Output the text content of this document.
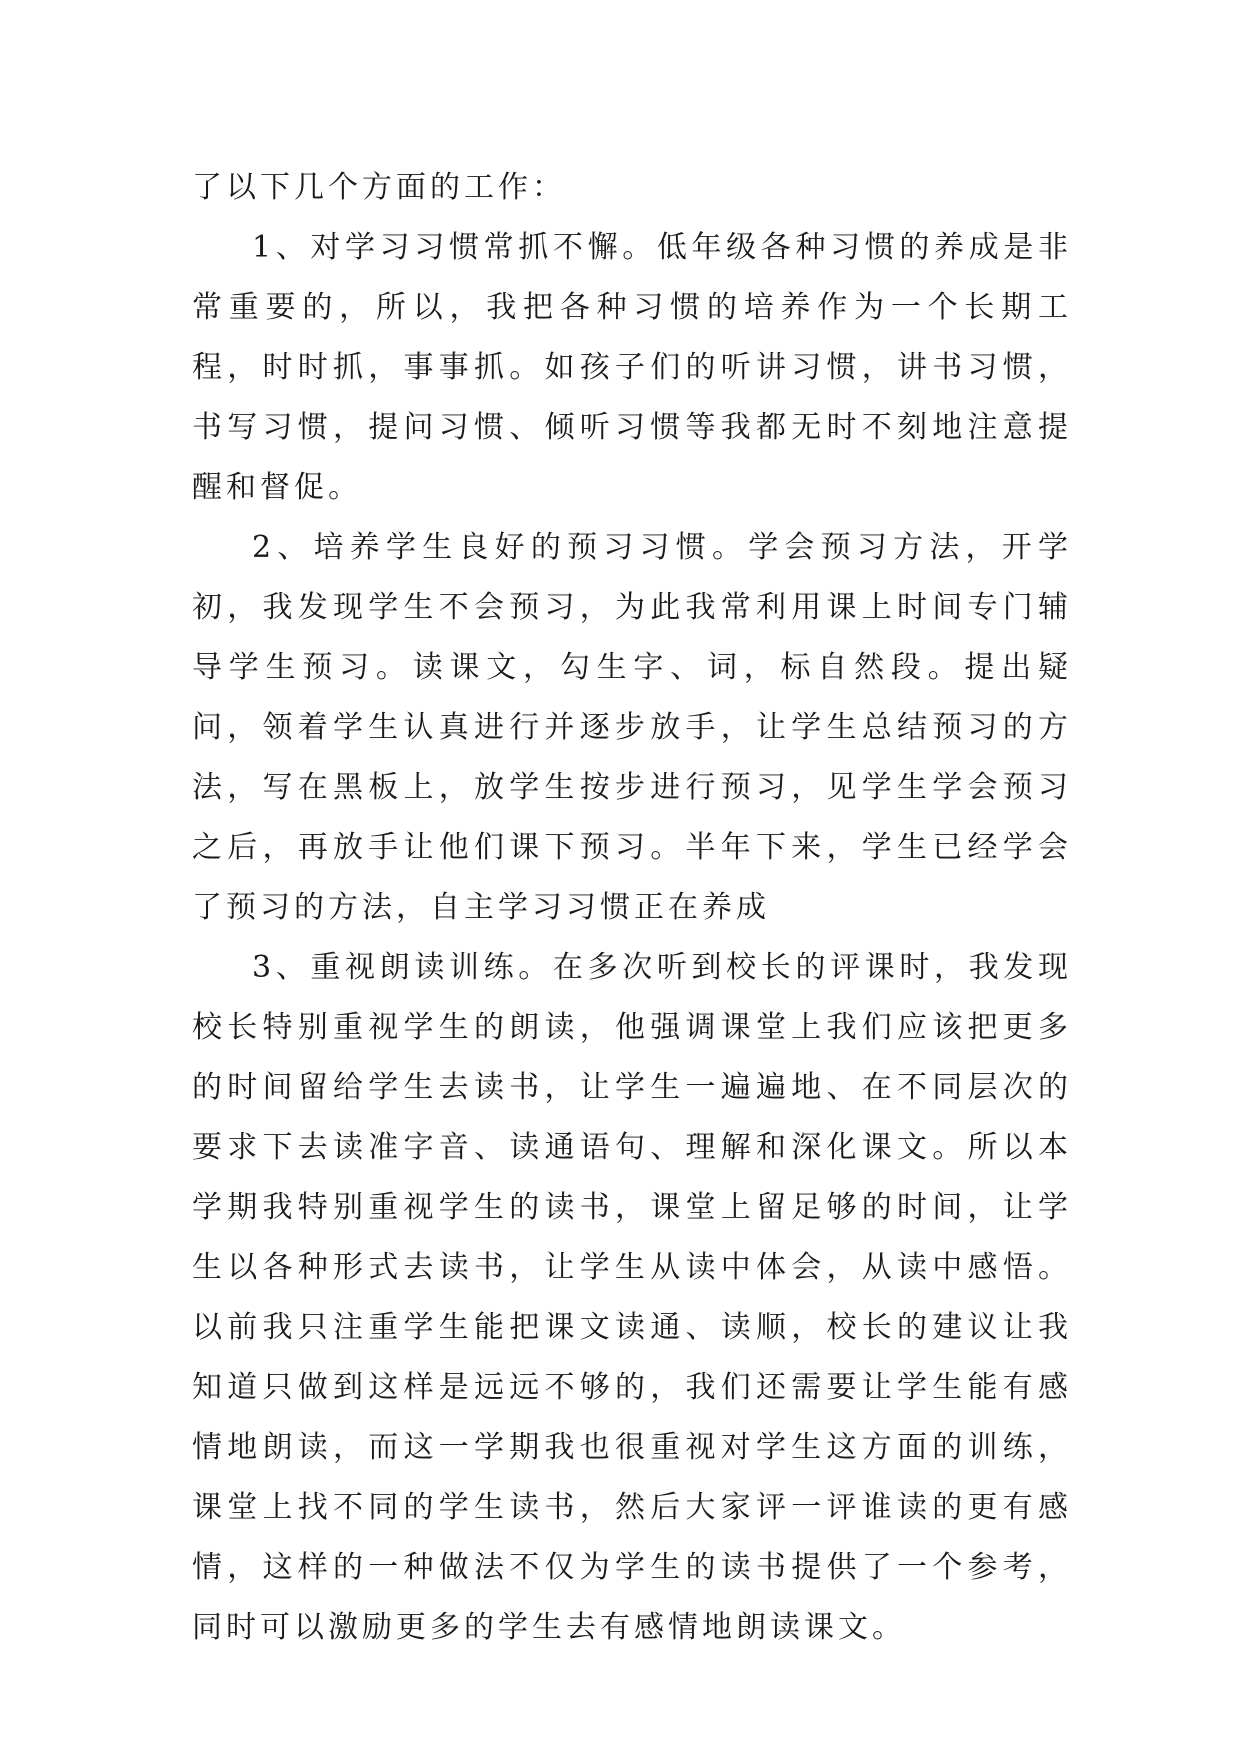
了以下几个方面的工作：

1、对学习习惯常抓不懈。低年级各种习惯的养成是非常重要的，所以，我把各种习惯的培养作为一个长期工程，时时抓，事事抓。如孩子们的听讲习惯，讲书习惯，书写习惯，提问习惯、倾听习惯等我都无时不刻地注意提醒和督促。

2、培养学生良好的预习习惯。学会预习方法，开学初，我发现学生不会预习，为此我常利用课上时间专门辅导学生预习。读课文，勾生字、词，标自然段。提出疑问，领着学生认真进行并逐步放手，让学生总结预习的方法，写在黑板上，放学生按步进行预习，见学生学会预习之后，再放手让他们课下预习。半年下来，学生已经学会了预习的方法，自主学习习惯正在养成

3、重视朗读训练。在多次听到校长的评课时，我发现校长特别重视学生的朗读，他强调课堂上我们应该把更多的时间留给学生去读书，让学生一遍遍地、在不同层次的要求下去读准字音、读通语句、理解和深化课文。所以本学期我特别重视学生的读书，课堂上留足够的时间，让学生以各种形式去读书，让学生从读中体会，从读中感悟。以前我只注重学生能把课文读通、读顺，校长的建议让我知道只做到这样是远远不够的，我们还需要让学生能有感情地朗读，而这一学期我也很重视对学生这方面的训练，课堂上找不同的学生读书，然后大家评一评谁读的更有感情，这样的一种做法不仅为学生的读书提供了一个参考，同时可以激励更多的学生去有感情地朗读课文。
